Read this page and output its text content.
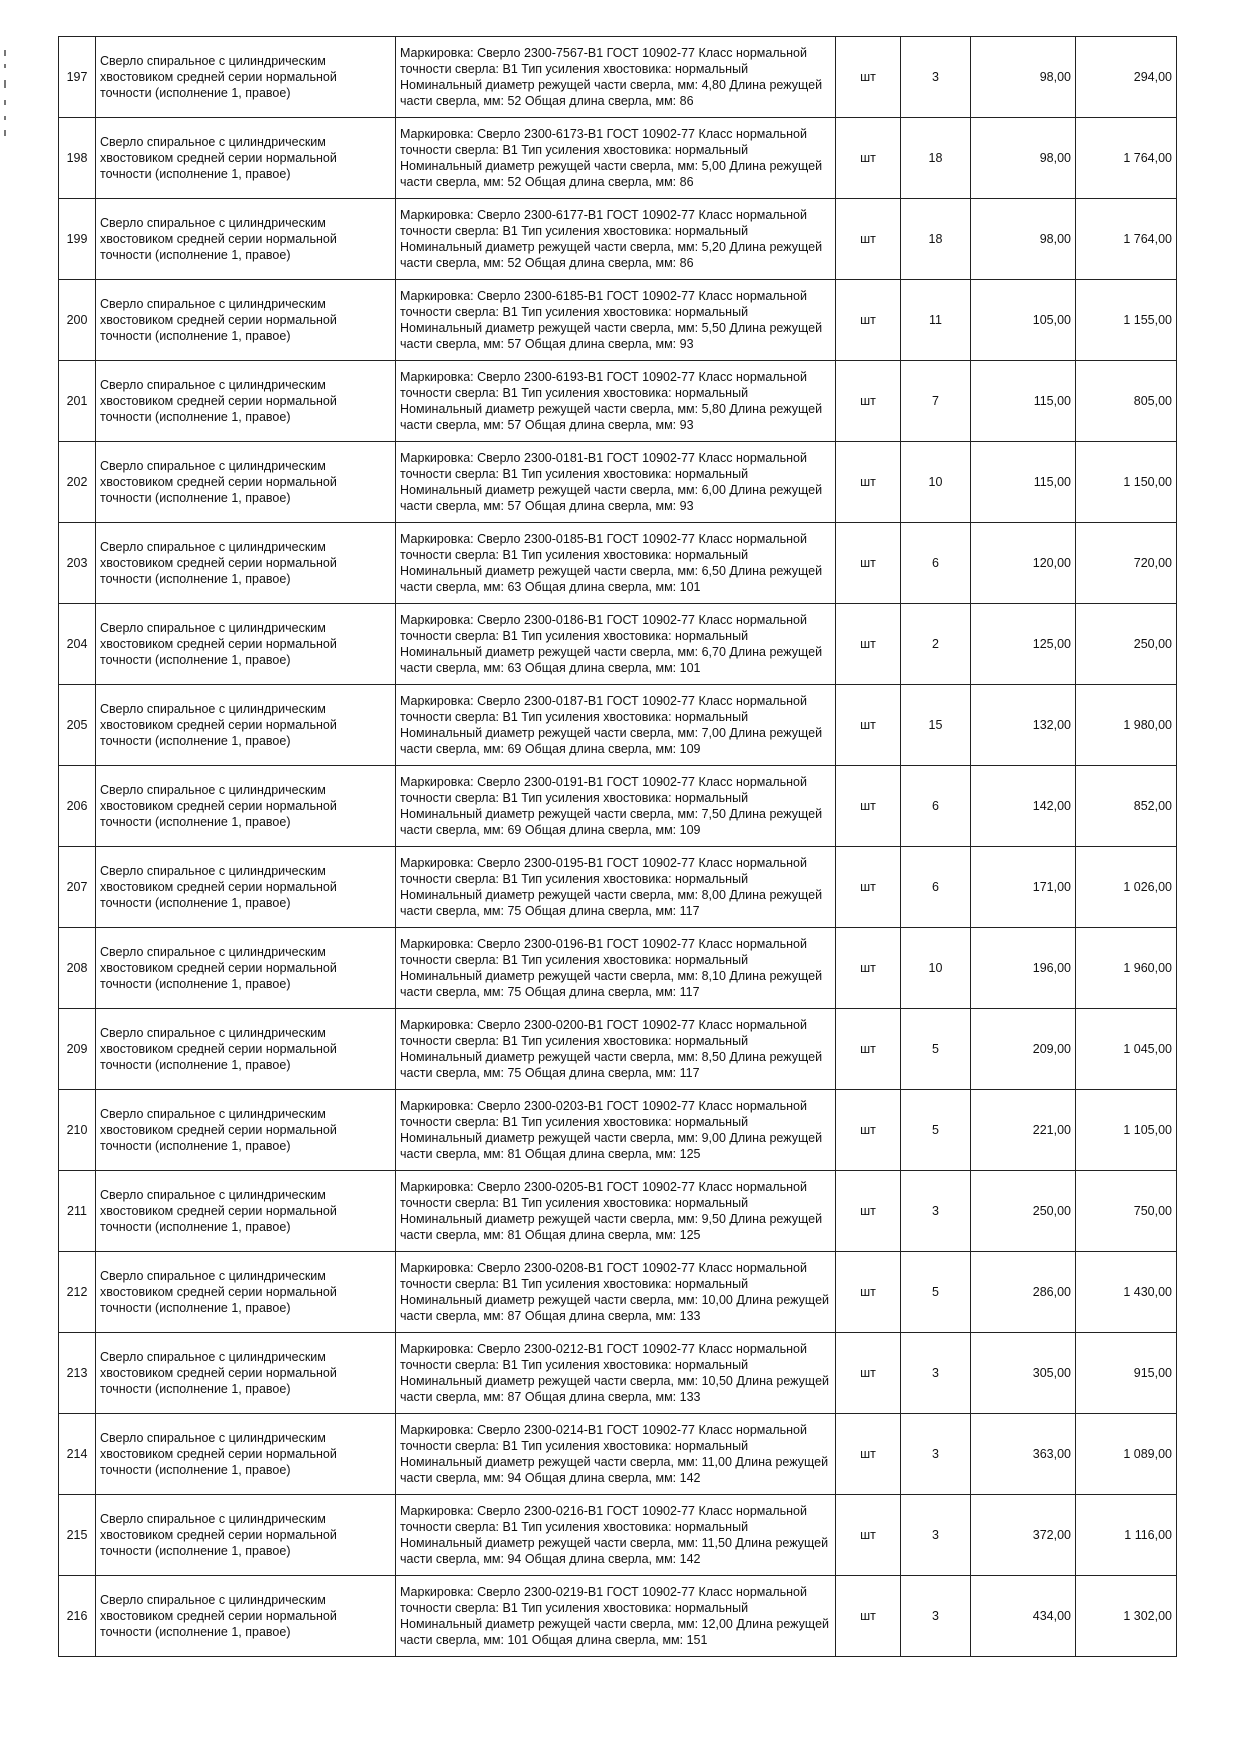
197	Сверло спиральное с цилиндрическим хвостовиком средней серии нормальной точности (исполнение 1, правое)	Маркировка: Сверло 2300-7567-В1 ГОСТ 10902-77 Класс нормальной точности сверла: В1 Тип усиления хвостовика: нормальный Номинальный диаметр режущей части сверла, мм: 4,80 Длина режущей части сверла, мм: 52 Общая длина сверла, мм: 86	шт	3	98,00	294,00
198	Сверло спиральное с цилиндрическим хвостовиком средней серии нормальной точности (исполнение 1, правое)	Маркировка: Сверло 2300-6173-В1 ГОСТ 10902-77 Класс нормальной точности сверла: В1 Тип усиления хвостовика: нормальный Номинальный диаметр режущей части сверла, мм: 5,00 Длина режущей части сверла, мм: 52 Общая длина сверла, мм: 86	шт	18	98,00	1 764,00
199	Сверло спиральное с цилиндрическим хвостовиком средней серии нормальной точности (исполнение 1, правое)	Маркировка: Сверло 2300-6177-В1 ГОСТ 10902-77 Класс нормальной точности сверла: В1 Тип усиления хвостовика: нормальный Номинальный диаметр режущей части сверла, мм: 5,20 Длина режущей части сверла, мм: 52 Общая длина сверла, мм: 86	шт	18	98,00	1 764,00
200	Сверло спиральное с цилиндрическим хвостовиком средней серии нормальной точности (исполнение 1, правое)	Маркировка: Сверло 2300-6185-В1 ГОСТ 10902-77 Класс нормальной точности сверла: В1 Тип усиления хвостовика: нормальный Номинальный диаметр режущей части сверла, мм: 5,50 Длина режущей части сверла, мм: 57 Общая длина сверла, мм: 93	шт	11	105,00	1 155,00
201	Сверло спиральное с цилиндрическим хвостовиком средней серии нормальной точности (исполнение 1, правое)	Маркировка: Сверло 2300-6193-В1 ГОСТ 10902-77 Класс нормальной точности сверла: В1 Тип усиления хвостовика: нормальный Номинальный диаметр режущей части сверла, мм: 5,80 Длина режущей части сверла, мм: 57 Общая длина сверла, мм: 93	шт	7	115,00	805,00
202	Сверло спиральное с цилиндрическим хвостовиком средней серии нормальной точности (исполнение 1, правое)	Маркировка: Сверло 2300-0181-В1 ГОСТ 10902-77 Класс нормальной точности сверла: В1 Тип усиления хвостовика: нормальный Номинальный диаметр режущей части сверла, мм: 6,00 Длина режущей части сверла, мм: 57 Общая длина сверла, мм: 93	шт	10	115,00	1 150,00
203	Сверло спиральное с цилиндрическим хвостовиком средней серии нормальной точности (исполнение 1, правое)	Маркировка: Сверло 2300-0185-В1 ГОСТ 10902-77 Класс нормальной точности сверла: В1 Тип усиления хвостовика: нормальный Номинальный диаметр режущей части сверла, мм: 6,50 Длина режущей части сверла, мм: 63 Общая длина сверла, мм: 101	шт	6	120,00	720,00
204	Сверло спиральное с цилиндрическим хвостовиком средней серии нормальной точности (исполнение 1, правое)	Маркировка: Сверло 2300-0186-В1 ГОСТ 10902-77 Класс нормальной точности сверла: В1 Тип усиления хвостовика: нормальный Номинальный диаметр режущей части сверла, мм: 6,70 Длина режущей части сверла, мм: 63 Общая длина сверла, мм: 101	шт	2	125,00	250,00
205	Сверло спиральное с цилиндрическим хвостовиком средней серии нормальной точности (исполнение 1, правое)	Маркировка: Сверло 2300-0187-В1 ГОСТ 10902-77 Класс нормальной точности сверла: В1 Тип усиления хвостовика: нормальный Номинальный диаметр режущей части сверла, мм: 7,00 Длина режущей части сверла, мм: 69 Общая длина сверла, мм: 109	шт	15	132,00	1 980,00
206	Сверло спиральное с цилиндрическим хвостовиком средней серии нормальной точности (исполнение 1, правое)	Маркировка: Сверло 2300-0191-В1 ГОСТ 10902-77 Класс нормальной точности сверла: В1 Тип усиления хвостовика: нормальный Номинальный диаметр режущей части сверла, мм: 7,50 Длина режущей части сверла, мм: 69 Общая длина сверла, мм: 109	шт	6	142,00	852,00
207	Сверло спиральное с цилиндрическим хвостовиком средней серии нормальной точности (исполнение 1, правое)	Маркировка: Сверло 2300-0195-В1 ГОСТ 10902-77 Класс нормальной точности сверла: В1 Тип усиления хвостовика: нормальный Номинальный диаметр режущей части сверла, мм: 8,00 Длина режущей части сверла, мм: 75 Общая длина сверла, мм: 117	шт	6	171,00	1 026,00
208	Сверло спиральное с цилиндрическим хвостовиком средней серии нормальной точности (исполнение 1, правое)	Маркировка: Сверло 2300-0196-В1 ГОСТ 10902-77 Класс нормальной точности сверла: В1 Тип усиления хвостовика: нормальный Номинальный диаметр режущей части сверла, мм: 8,10 Длина режущей части сверла, мм: 75 Общая длина сверла, мм: 117	шт	10	196,00	1 960,00
209	Сверло спиральное с цилиндрическим хвостовиком средней серии нормальной точности (исполнение 1, правое)	Маркировка: Сверло 2300-0200-В1 ГОСТ 10902-77 Класс нормальной точности сверла: В1 Тип усиления хвостовика: нормальный Номинальный диаметр режущей части сверла, мм: 8,50 Длина режущей части сверла, мм: 75 Общая длина сверла, мм: 117	шт	5	209,00	1 045,00
210	Сверло спиральное с цилиндрическим хвостовиком средней серии нормальной точности (исполнение 1, правое)	Маркировка: Сверло 2300-0203-В1 ГОСТ 10902-77 Класс нормальной точности сверла: В1 Тип усиления хвостовика: нормальный Номинальный диаметр режущей части сверла, мм: 9,00 Длина режущей части сверла, мм: 81 Общая длина сверла, мм: 125	шт	5	221,00	1 105,00
211	Сверло спиральное с цилиндрическим хвостовиком средней серии нормальной точности (исполнение 1, правое)	Маркировка: Сверло 2300-0205-В1 ГОСТ 10902-77 Класс нормальной точности сверла: В1 Тип усиления хвостовика: нормальный Номинальный диаметр режущей части сверла, мм: 9,50 Длина режущей части сверла, мм: 81 Общая длина сверла, мм: 125	шт	3	250,00	750,00
212	Сверло спиральное с цилиндрическим хвостовиком средней серии нормальной точности (исполнение 1, правое)	Маркировка: Сверло 2300-0208-В1 ГОСТ 10902-77 Класс нормальной точности сверла: В1 Тип усиления хвостовика: нормальный Номинальный диаметр режущей части сверла, мм: 10,00 Длина режущей части сверла, мм: 87 Общая длина сверла, мм: 133	шт	5	286,00	1 430,00
213	Сверло спиральное с цилиндрическим хвостовиком средней серии нормальной точности (исполнение 1, правое)	Маркировка: Сверло 2300-0212-В1 ГОСТ 10902-77 Класс нормальной точности сверла: В1 Тип усиления хвостовика: нормальный Номинальный диаметр режущей части сверла, мм: 10,50 Длина режущей части сверла, мм: 87 Общая длина сверла, мм: 133	шт	3	305,00	915,00
214	Сверло спиральное с цилиндрическим хвостовиком средней серии нормальной точности (исполнение 1, правое)	Маркировка: Сверло 2300-0214-В1 ГОСТ 10902-77 Класс нормальной точности сверла: В1 Тип усиления хвостовика: нормальный Номинальный диаметр режущей части сверла, мм: 11,00 Длина режущей части сверла, мм: 94 Общая длина сверла, мм: 142	шт	3	363,00	1 089,00
215	Сверло спиральное с цилиндрическим хвостовиком средней серии нормальной точности (исполнение 1, правое)	Маркировка: Сверло 2300-0216-В1 ГОСТ 10902-77 Класс нормальной точности сверла: В1 Тип усиления хвостовика: нормальный Номинальный диаметр режущей части сверла, мм: 11,50 Длина режущей части сверла, мм: 94 Общая длина сверла, мм: 142	шт	3	372,00	1 116,00
216	Сверло спиральное с цилиндрическим хвостовиком средней серии нормальной точности (исполнение 1, правое)	Маркировка: Сверло 2300-0219-В1 ГОСТ 10902-77 Класс нормальной точности сверла: В1 Тип усиления хвостовика: нормальный Номинальный диаметр режущей части сверла, мм: 12,00 Длина режущей части сверла, мм: 101 Общая длина сверла, мм: 151	шт	3	434,00	1 302,00
